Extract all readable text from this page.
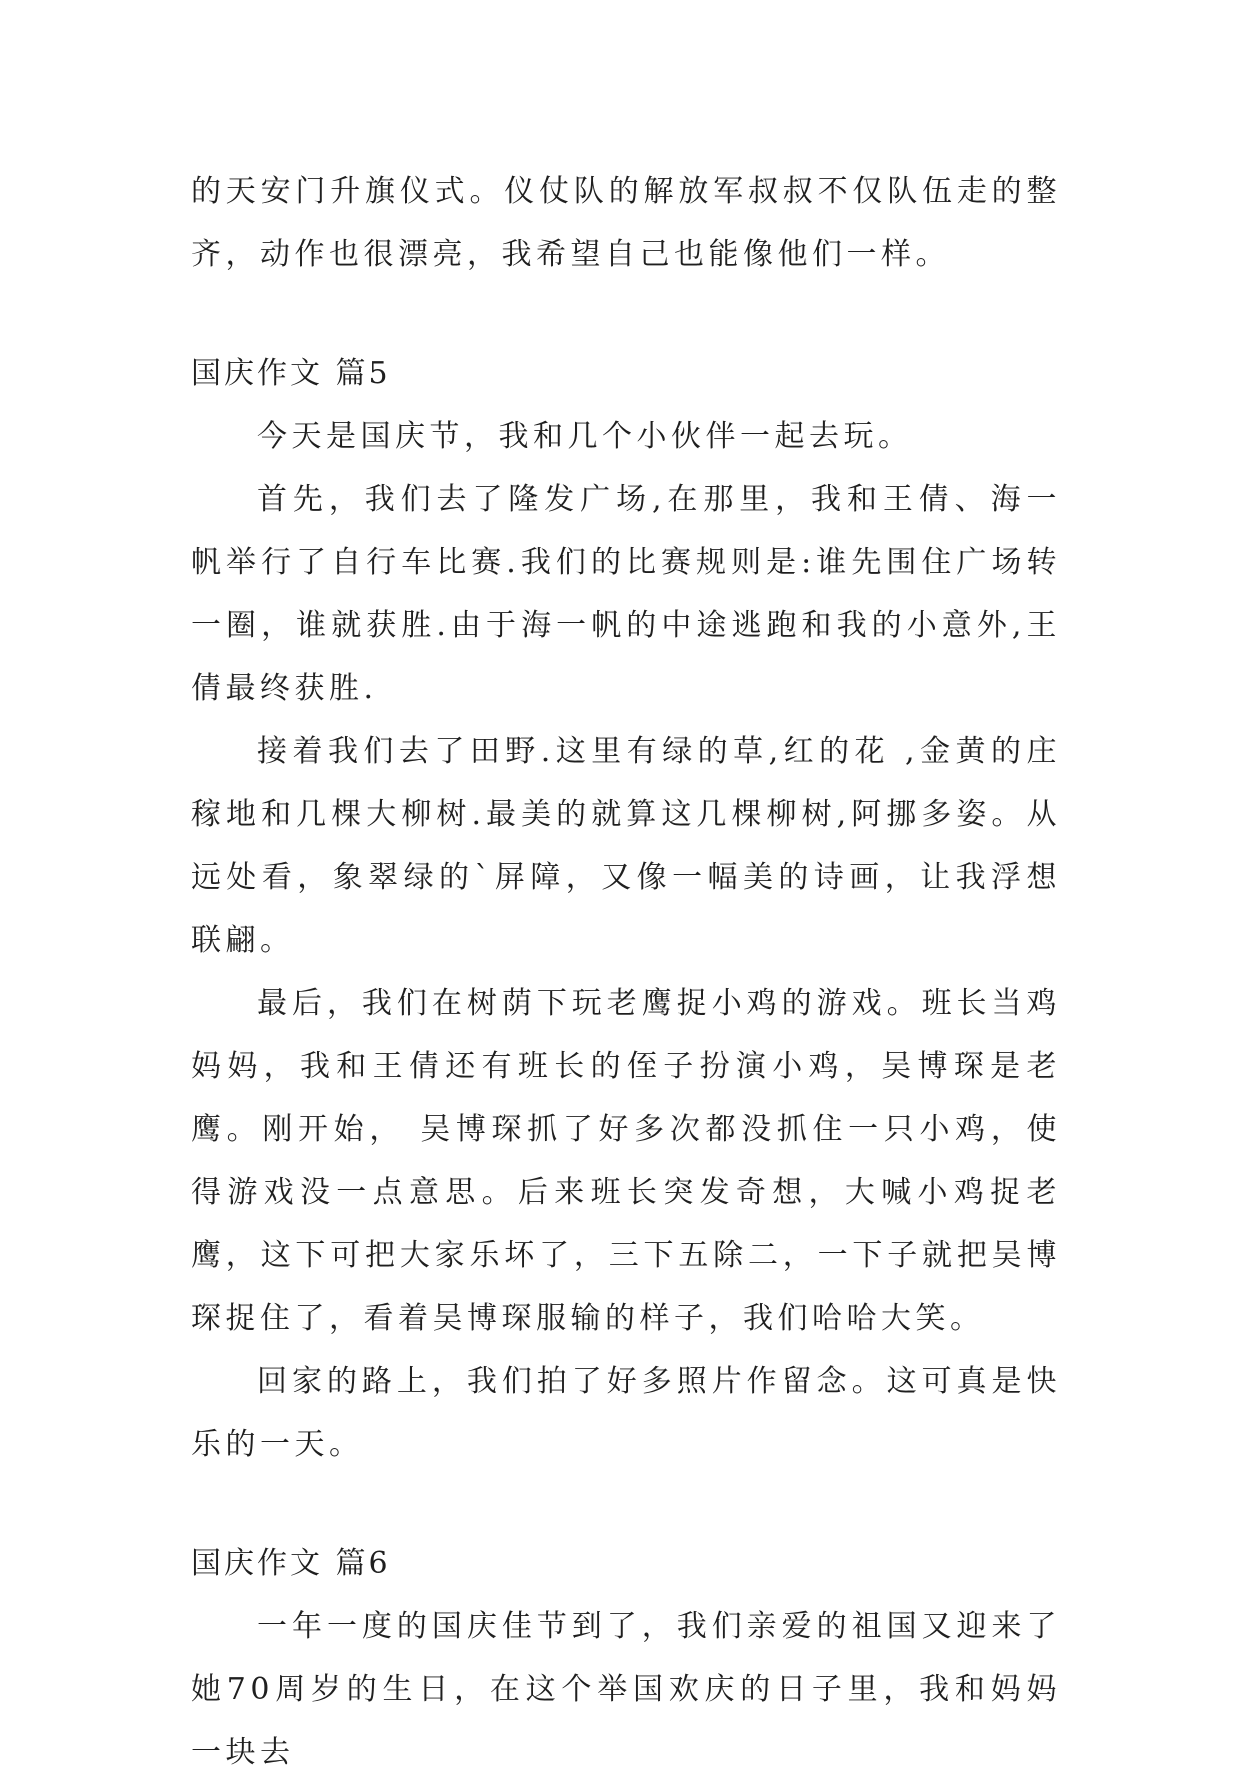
的天安门升旗仪式。仪仗队的解放军叔叔不仅队伍走的整齐，动作也很漂亮，我希望自己也能像他们一样。

国庆作文 篇5

今天是国庆节，我和几个小伙伴一起去玩。

首先，我们去了隆发广场,在那里，我和王倩、海一帆举行了自行车比赛.我们的比赛规则是:谁先围住广场转一圈，谁就获胜.由于海一帆的中途逃跑和我的小意外,王倩最终获胜.

接着我们去了田野.这里有绿的草,红的花 ,金黄的庄稼地和几棵大柳树.最美的就算这几棵柳树,阿挪多姿。从远处看，象翠绿的`屏障，又像一幅美的诗画，让我浮想联翩。

最后，我们在树荫下玩老鹰捉小鸡的游戏。班长当鸡妈妈，我和王倩还有班长的侄子扮演小鸡，吴博琛是老鹰。刚开始， 吴博琛抓了好多次都没抓住一只小鸡，使得游戏没一点意思。后来班长突发奇想，大喊小鸡捉老鹰，这下可把大家乐坏了，三下五除二，一下子就把吴博琛捉住了，看着吴博琛服输的样子，我们哈哈大笑。

回家的路上，我们拍了好多照片作留念。这可真是快乐的一天。

国庆作文 篇6

一年一度的国庆佳节到了，我们亲爱的祖国又迎来了她70周岁的生日，在这个举国欢庆的日子里，我和妈妈一块去
